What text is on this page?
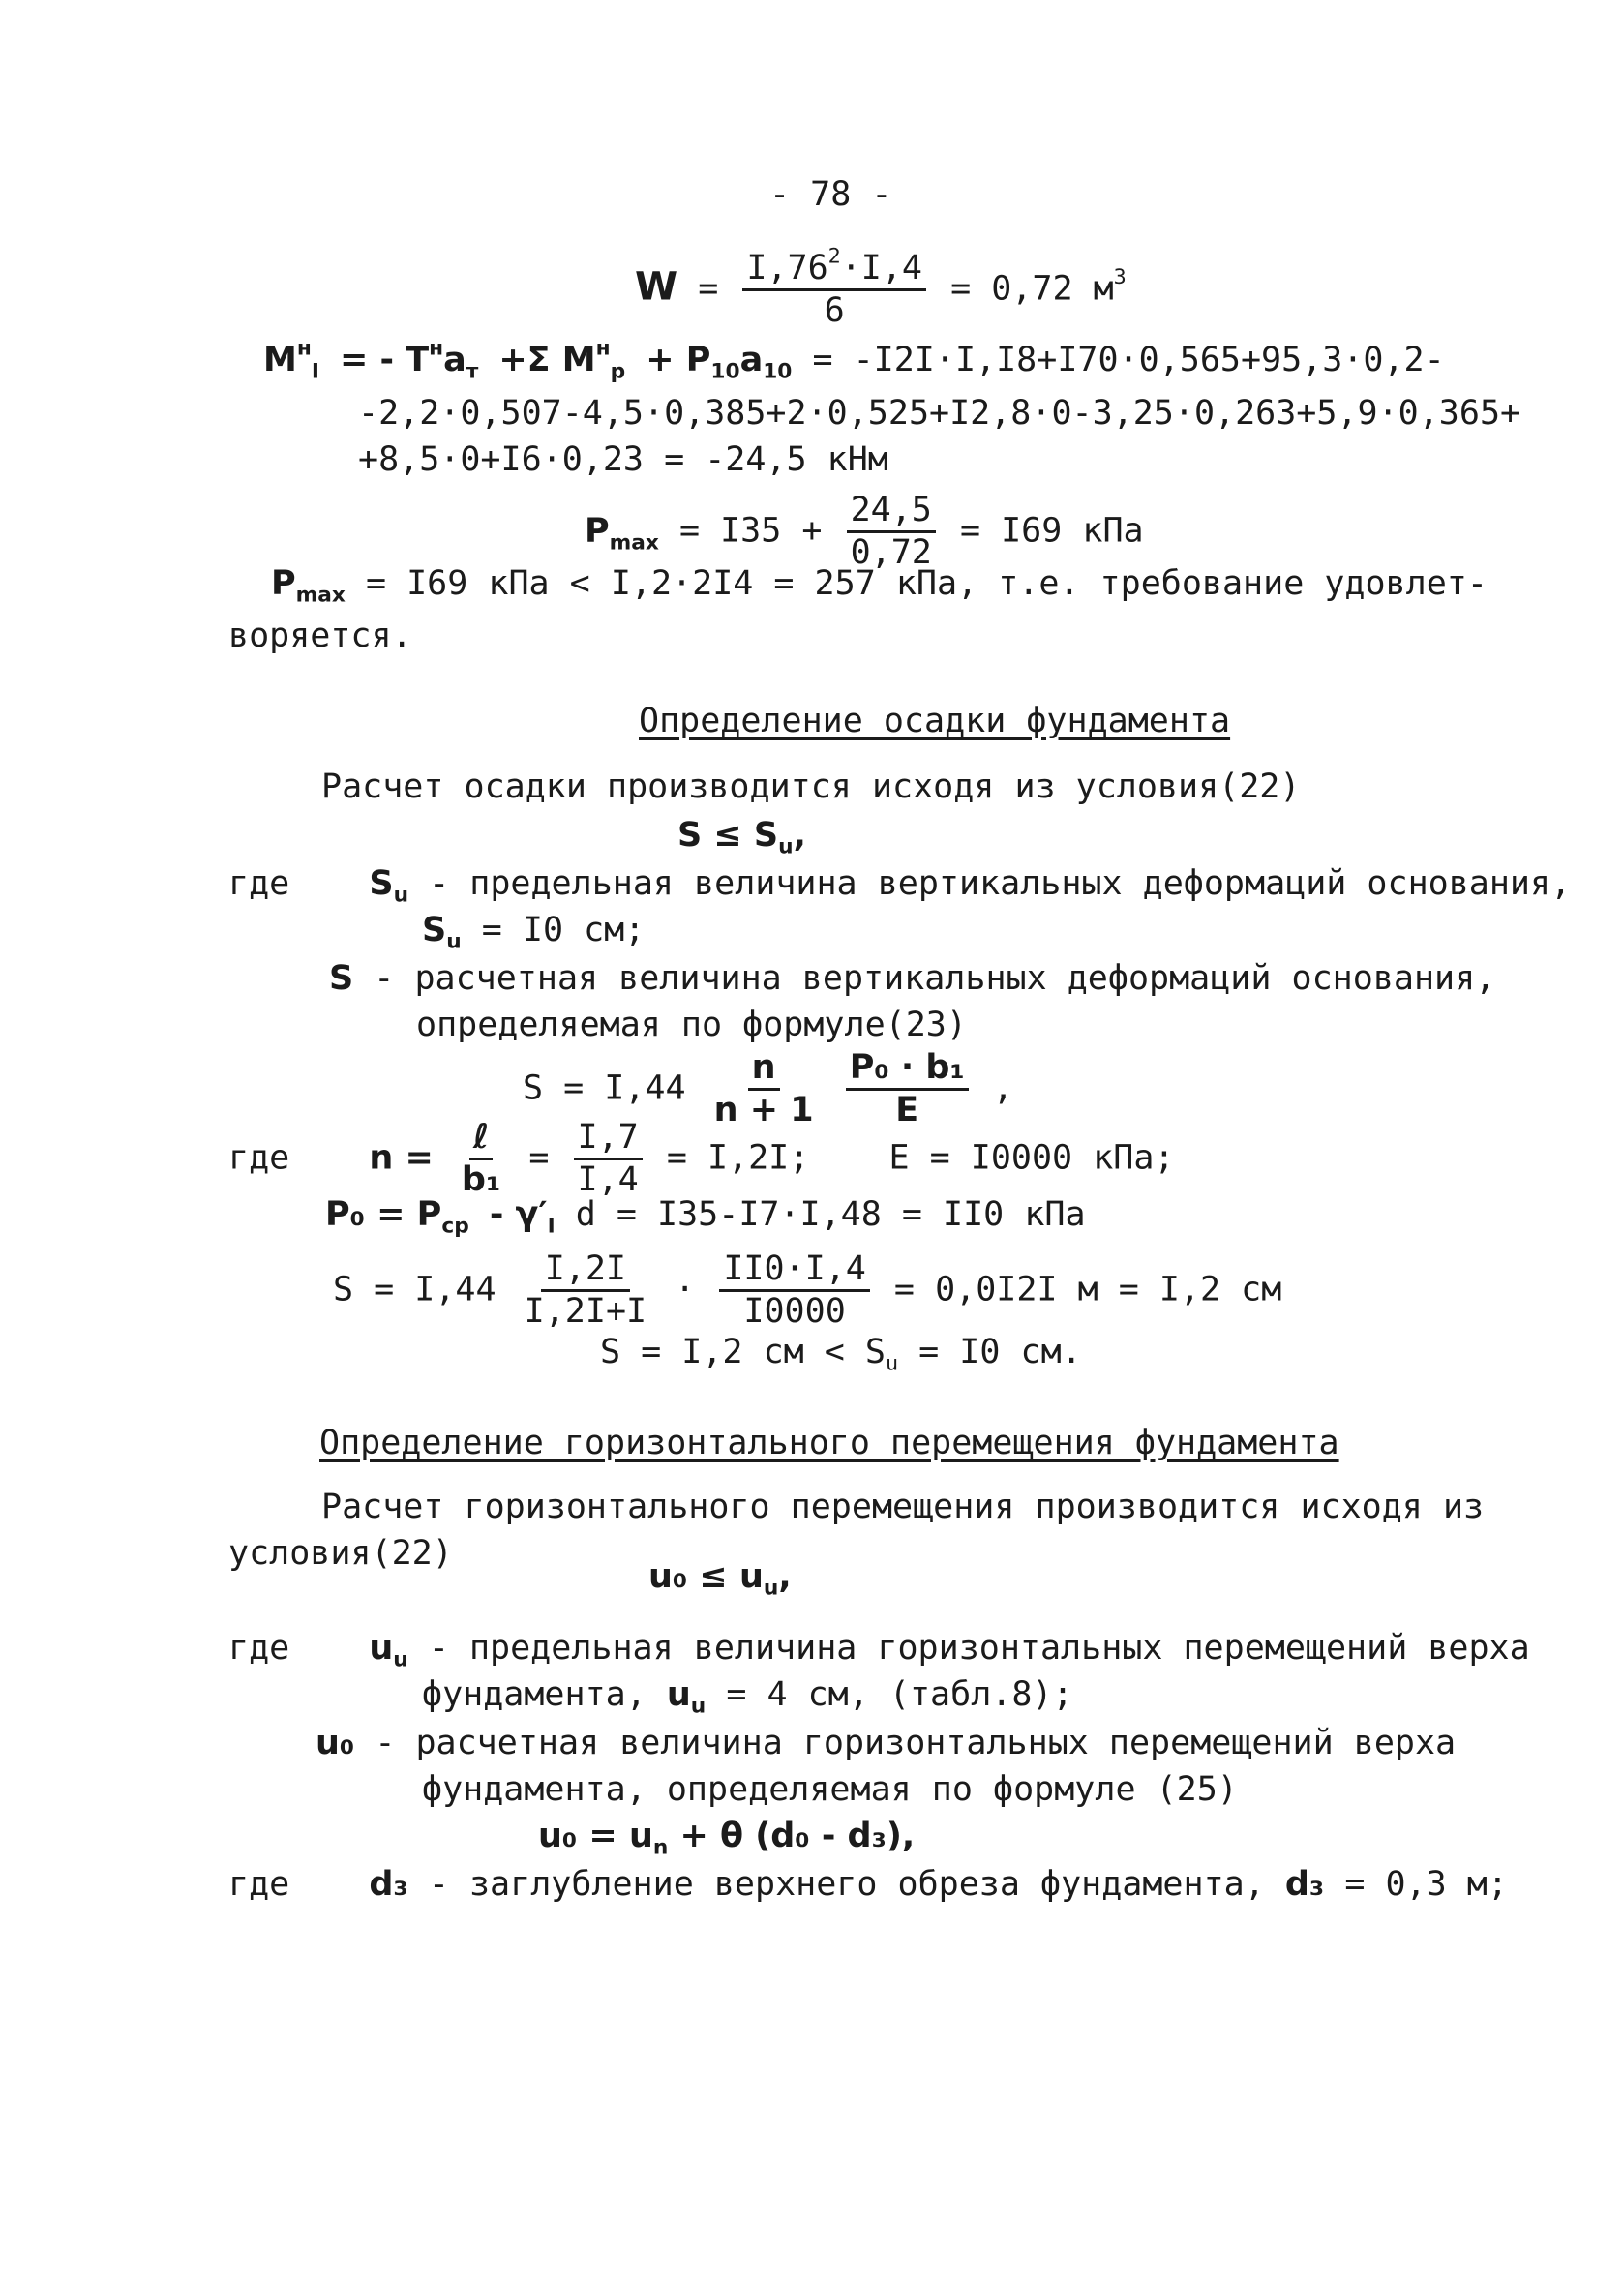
- 78 -
$W = \frac{I,76^2\cdot I,4}{6} = 0,72$ $м^3$
$M^н_I$ = - $T^нa_т +\Sigma$ $M^н_р + P_{10}a_{10} = -I2I\cdot I,I8+I70\cdot 0,565+95,3\cdot 0,2-$
-2,2·0,507-4,5·0,385+2·0,525+I2,8·0-3,25·0,263+5,9·0,365+
+8,5·0+I6·0,23 = -24,5 кНм
$P_{max} = I35 + \frac{24,5}{0,72} = I69$ кПа
$P_{max} = I69$ кПа < I,2·2I4 = 257 кПа, т.е. требование удовлет-
воряется.
Определение осадки фундамента
Расчет осадки производится исходя из условия(22)
$S \le S_u$,
где $S_u$ - предельная величина вертикальных деформаций основания,
$S_u = I0$ см;
S - расчетная величина вертикальных деформаций основания,
определяемая по формуле(23)
$S = I,44 \frac{n}{n + 1}$
$\frac{\text{P₀ · b₁}}{E}$ ,
где $n = \frac{\text{ℓ}}{\text{b₁}} = \frac{I,7}{I,4} = I,2I$; E = I0000 кПа;
$P_0 = P_{cp} - \gamma'_I$ d = I35-I7·I,48 = II0 кПа
$S = I,44 \frac{I,2I}{I,2I+I} \cdot \frac{II0\cdot I,4}{I0000} = 0,0I2I$ м = I,2 см
S = I,2 см < $S_u = I0$ см.
Определение горизонтального перемещения фундамента
Расчет горизонтального перемещения производится исходя из
условия(22)
$u_0 \le u_u$,
где $u_u$ - предельная величина горизонтальных перемещений верха
фундамента, $u_u = 4$ см, (табл.8);
u₀ - расчетная величина горизонтальных перемещений верха
фундамента, определяемая по формуле (25)
$u_0 = u_n + \theta$ (d₀ - d₃),
где d₃ - заглубление верхнего обреза фундамента, d₃ = 0,3 м;
